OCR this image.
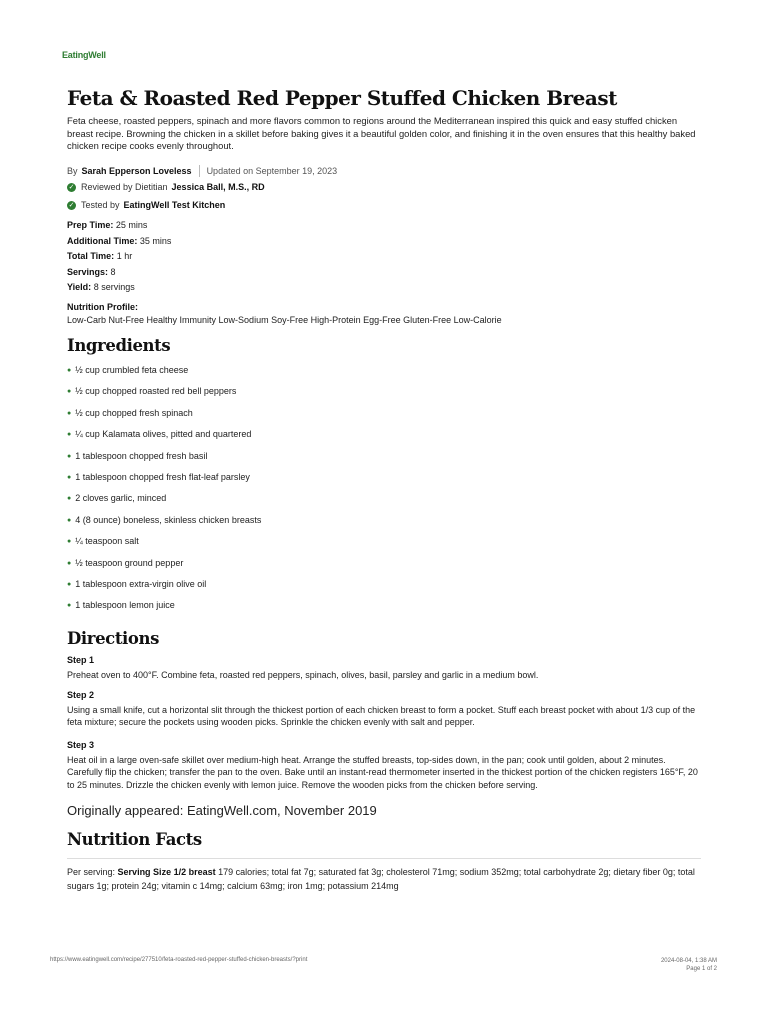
EatingWell
Feta & Roasted Red Pepper Stuffed Chicken Breast
Feta cheese, roasted peppers, spinach and more flavors common to regions around the Mediterranean inspired this quick and easy stuffed chicken breast recipe. Browning the chicken in a skillet before baking gives it a beautiful golden color, and finishing it in the oven ensures that this healthy baked chicken recipe cooks evenly throughout.
By Sarah Epperson Loveless Updated on September 19, 2023
✓ Reviewed by Dietitian Jessica Ball, M.S., RD
✓ Tested by EatingWell Test Kitchen
Prep Time: 25 mins
Additional Time: 35 mins
Total Time: 1 hr
Servings: 8
Yield: 8 servings
Nutrition Profile:
Low-Carb Nut-Free Healthy Immunity Low-Sodium Soy-Free High-Protein Egg-Free Gluten-Free Low-Calorie
Ingredients
● ½ cup crumbled feta cheese
● ½ cup chopped roasted red bell peppers
● ½ cup chopped fresh spinach
● ¼ cup Kalamata olives, pitted and quartered
● 1 tablespoon chopped fresh basil
● 1 tablespoon chopped fresh flat-leaf parsley
● 2 cloves garlic, minced
● 4 (8 ounce) boneless, skinless chicken breasts
● ¼ teaspoon salt
● ½ teaspoon ground pepper
● 1 tablespoon extra-virgin olive oil
● 1 tablespoon lemon juice
Directions
Step 1
Preheat oven to 400°F. Combine feta, roasted red peppers, spinach, olives, basil, parsley and garlic in a medium bowl.
Step 2
Using a small knife, cut a horizontal slit through the thickest portion of each chicken breast to form a pocket. Stuff each breast pocket with about 1/3 cup of the feta mixture; secure the pockets using wooden picks. Sprinkle the chicken evenly with salt and pepper.
Step 3
Heat oil in a large oven-safe skillet over medium-high heat. Arrange the stuffed breasts, top-sides down, in the pan; cook until golden, about 2 minutes. Carefully flip the chicken; transfer the pan to the oven. Bake until an instant-read thermometer inserted in the thickest portion of the chicken registers 165°F, 20 to 25 minutes. Drizzle the chicken evenly with lemon juice. Remove the wooden picks from the chicken before serving.
Originally appeared: EatingWell.com, November 2019
Nutrition Facts
Per serving: Serving Size 1/2 breast 179 calories; total fat 7g; saturated fat 3g; cholesterol 71mg; sodium 352mg; total carbohydrate 2g; dietary fiber 0g; total sugars 1g; protein 24g; vitamin c 14mg; calcium 63mg; iron 1mg; potassium 214mg
https://www.eatingwell.com/recipe/277510/feta-roasted-red-pepper-stuffed-chicken-breasts/?print	2024-08-04, 1:38 AM
Page 1 of 2
